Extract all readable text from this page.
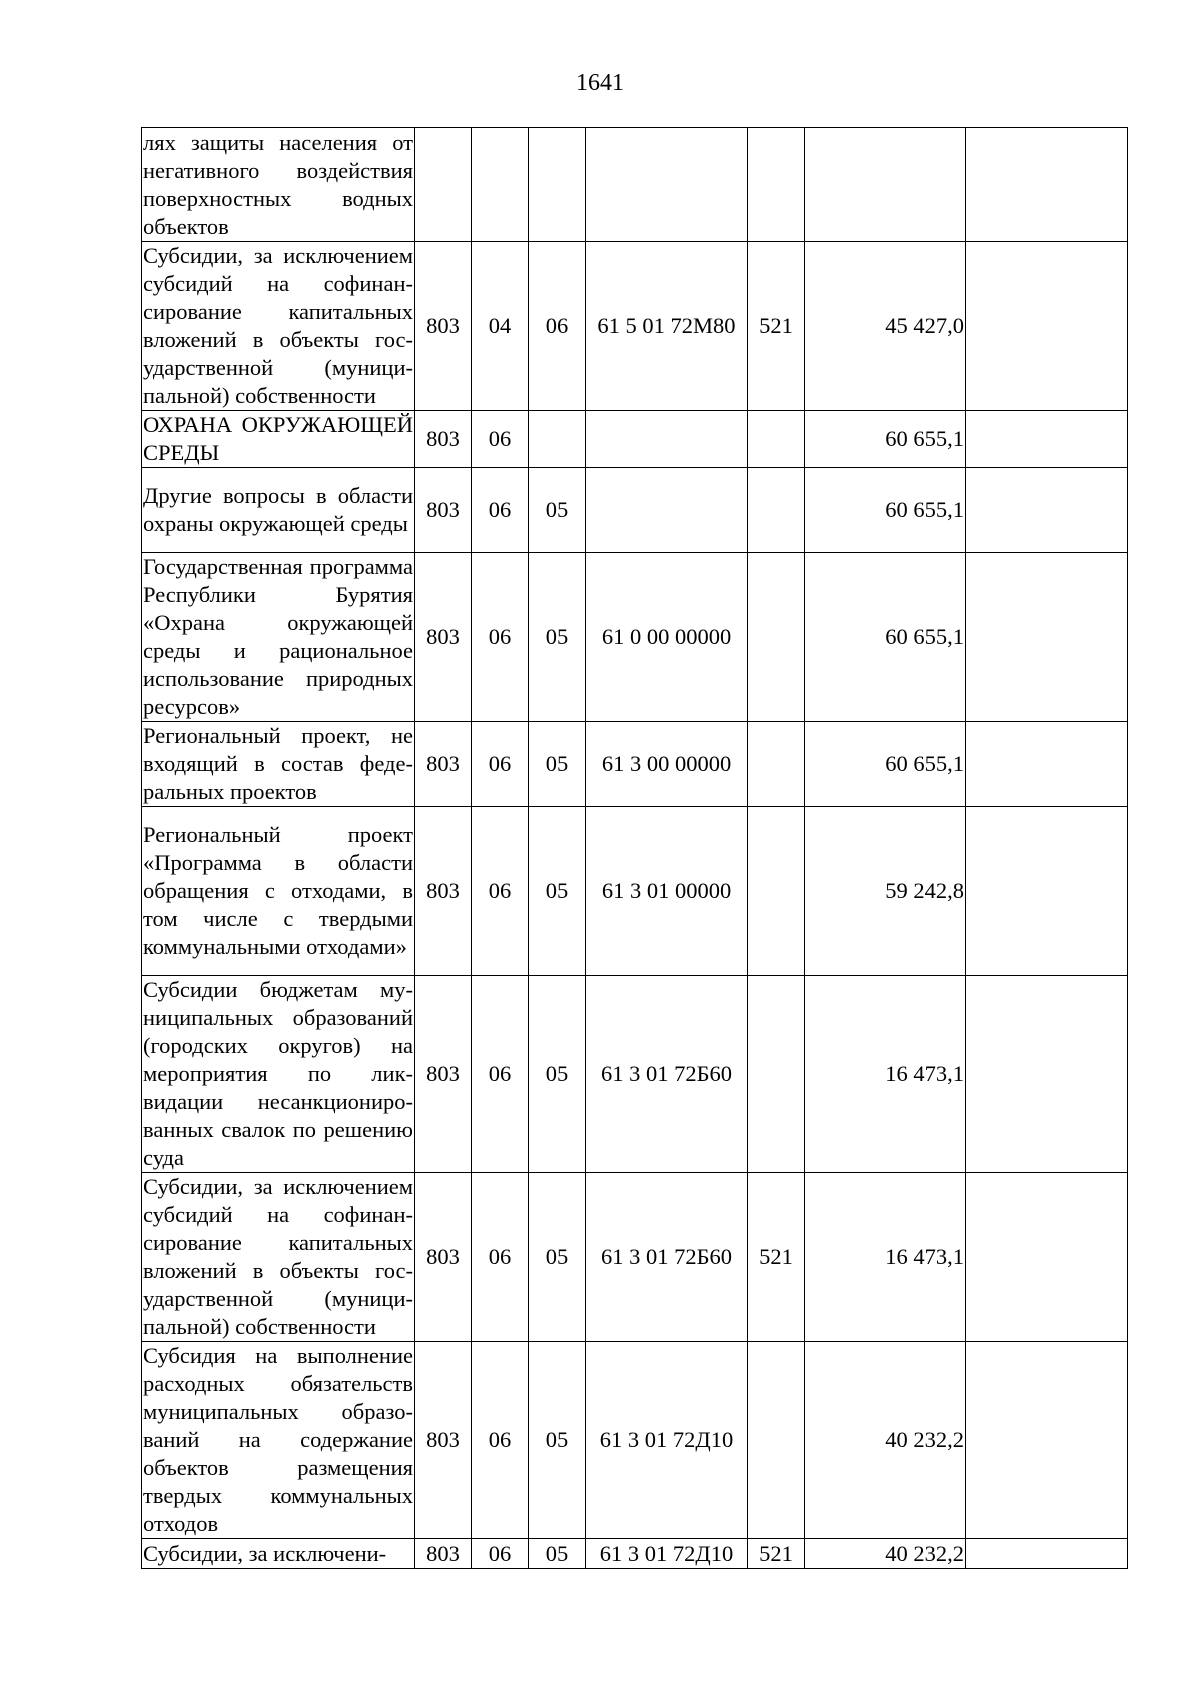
1641
лях защиты населения от негативного воздействия поверхностных водных объектов							
Субсидии, за исключением субсидий на софинансирование капитальных вложений в объекты государственной (муниципальной) собственности	803	04	06	61 5 01 72М80	521	45 427,0	
ОХРАНА ОКРУЖАЮЩЕЙ СРЕДЫ	803	06				60 655,1	
Другие вопросы в области охраны окружающей среды	803	06	05			60 655,1	
Государственная программа Республики Бурятия «Охрана окружающей среды и рациональное использование природных ресурсов»	803	06	05	61 0 00 00000		60 655,1	
Региональный проект, не входящий в состав федеральных проектов	803	06	05	61 3 00 00000		60 655,1	
Региональный проект «Программа в области обращения с отходами, в том числе с твердыми коммунальными отходами»	803	06	05	61 3 01 00000		59 242,8	
Субсидии бюджетам муниципальных образований (городских округов) на мероприятия по ликвидации несанкционированных свалок по решению суда	803	06	05	61 3 01 72Б60		16 473,1	
Субсидии, за исключением субсидий на софинансирование капитальных вложений в объекты государственной (муниципальной) собственности	803	06	05	61 3 01 72Б60	521	16 473,1	
Субсидия на выполнение расходных обязательств муниципальных образований на содержание объектов размещения твердых коммунальных отходов	803	06	05	61 3 01 72Д10		40 232,2	
Субсидии, за исключени-	803	06	05	61 3 01 72Д10	521	40 232,2	
